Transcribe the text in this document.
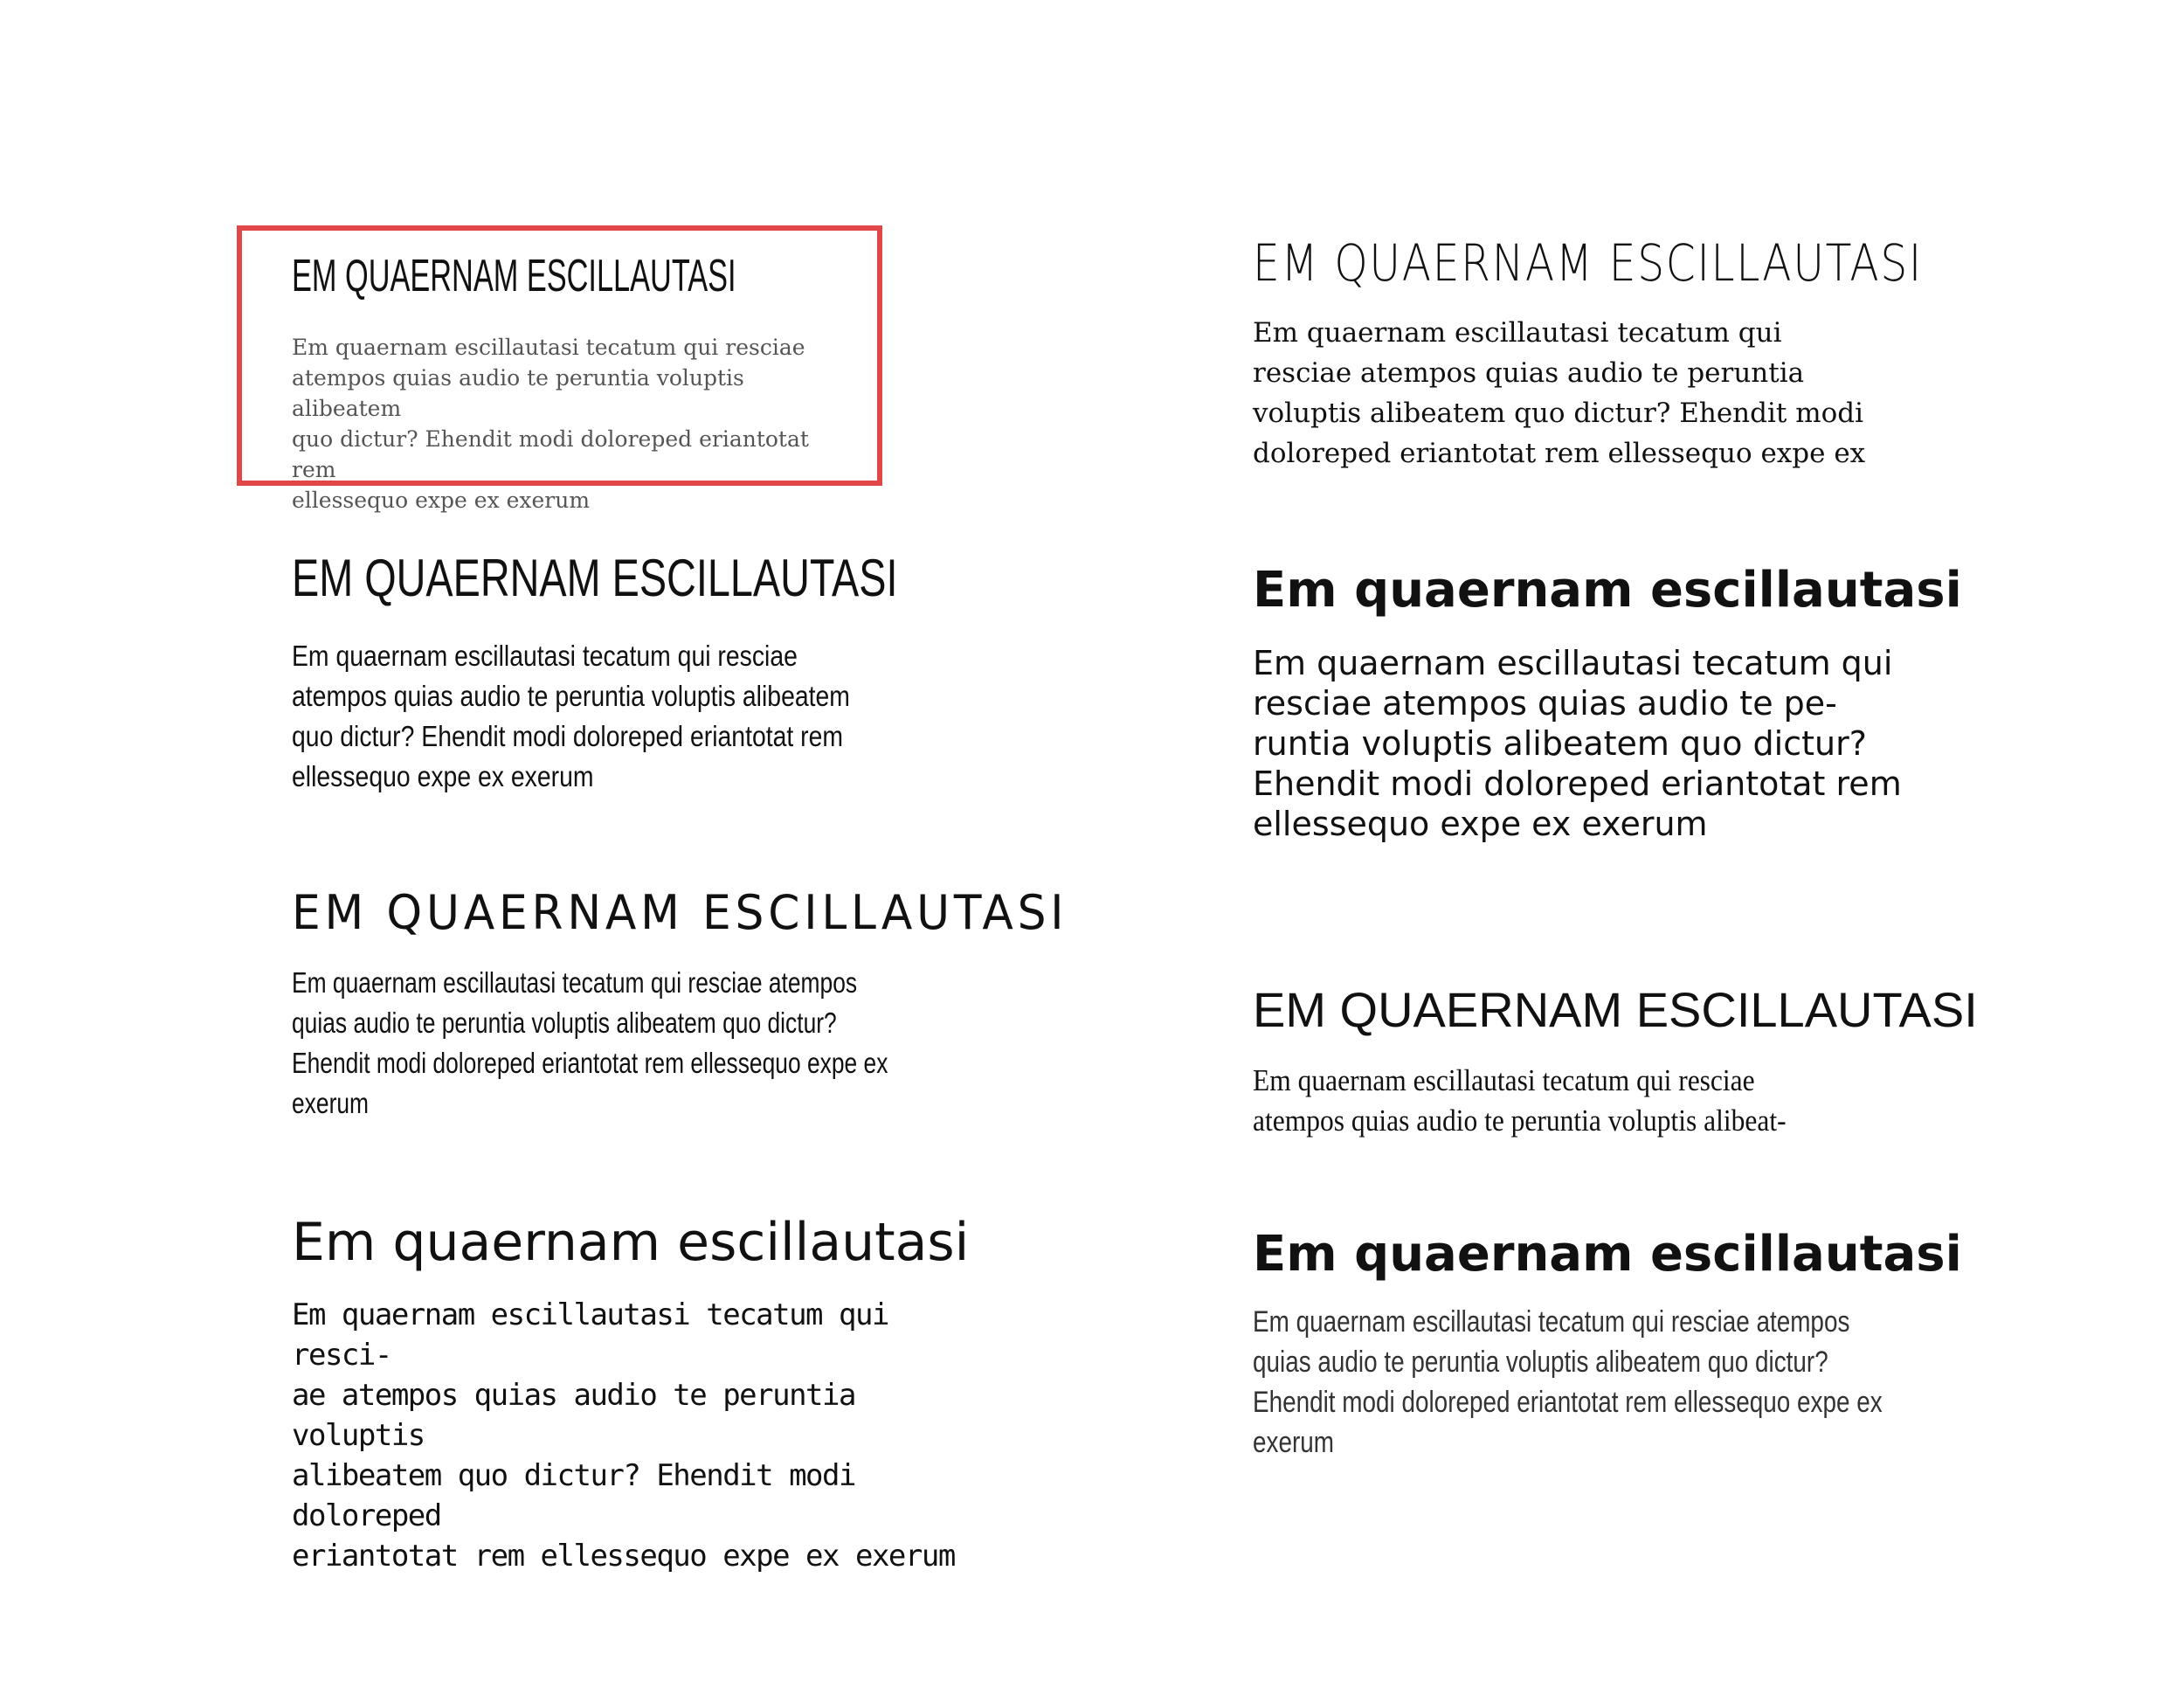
EM QUAERNAM ESCILLAUTASI

Em quaernam escillautasi tecatum qui resciae
atempos quias audio te peruntia voluptis alibeatem
quo dictur? Ehendit modi doloreped eriantotat rem
ellessequo expe ex exerum

EM QUAERNAM ESCILLAUTASI

Em quaernam escillautasi tecatum qui resciae
atempos quias audio te peruntia voluptis alibeatem
quo dictur? Ehendit modi doloreped eriantotat rem
ellessequo expe ex exerum

EM QUAERNAM ESCILLAUTASI

Em quaernam escillautasi tecatum qui resciae atempos
quias audio te peruntia voluptis alibeatem quo dictur?
Ehendit modi doloreped eriantotat rem ellessequo expe ex
exerum

Em quaernam escillautasi

Em quaernam escillautasi tecatum qui resci-
ae atempos quias audio te peruntia voluptis
alibeatem quo dictur? Ehendit modi doloreped
eriantotat rem ellessequo expe ex exerum

EM QUAERNAM ESCILLAUTASI

Em quaernam escillautasi tecatum qui
resciae atempos quias audio te peruntia
voluptis alibeatem quo dictur? Ehendit modi
doloreped eriantotat rem ellessequo expe ex

Em quaernam escillautasi

Em quaernam escillautasi tecatum qui
resciae atempos quias audio te pe-
runtia voluptis alibeatem quo dictur?
Ehendit modi doloreped eriantotat rem
ellessequo expe ex exerum

EM QUAERNAM ESCILLAUTASI

Em quaernam escillautasi tecatum qui resciae
atempos quias audio te peruntia voluptis alibeat-

Em quaernam escillautasi

Em quaernam escillautasi tecatum qui resciae atempos
quias audio te peruntia voluptis alibeatem quo dictur?
Ehendit modi doloreped eriantotat rem ellessequo expe ex
exerum
